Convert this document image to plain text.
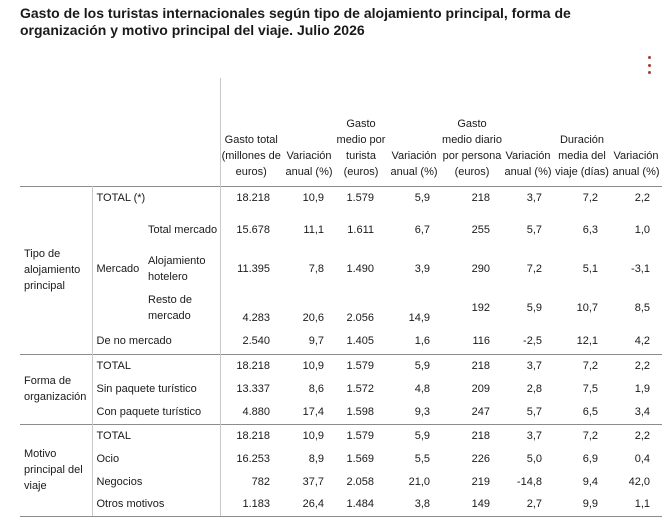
Gasto de los turistas internacionales según tipo de alojamiento principal, forma de organización y motivo principal del viaje. Julio 2026
			Gasto total (millones de euros)	Variación anual (%)	Gasto medio por turista (euros)	Variación anual (%)	Gasto medio diario por persona (euros)	Variación anual (%)	Duración media del viaje (días)	Variación anual (%)
Tipo de alojamiento principal	TOTAL (*)		18.218	10,9	1.579	5,9	218	3,7	7,2	2,2
	Mercado	Total mercado	15.678	11,1	1.611	6,7	255	5,7	6,3	1,0
		Alojamiento hotelero	11.395	7,8	1.490	3,9	290	7,2	5,1	-3,1
		Resto de mercado	4.283	20,6	2.056	14,9	192	5,9	10,7	8,5
	De no mercado		2.540	9,7	1.405	1,6	116	-2,5	12,1	4,2
Forma de organización	TOTAL		18.218	10,9	1.579	5,9	218	3,7	7,2	2,2
	Sin paquete turístico		13.337	8,6	1.572	4,8	209	2,8	7,5	1,9
	Con paquete turístico		4.880	17,4	1.598	9,3	247	5,7	6,5	3,4
Motivo principal del viaje	TOTAL		18.218	10,9	1.579	5,9	218	3,7	7,2	2,2
	Ocio		16.253	8,9	1.569	5,5	226	5,0	6,9	0,4
	Negocios		782	37,7	2.058	21,0	219	-14,8	9,4	42,0
	Otros motivos		1.183	26,4	1.484	3,8	149	2,7	9,9	1,1
